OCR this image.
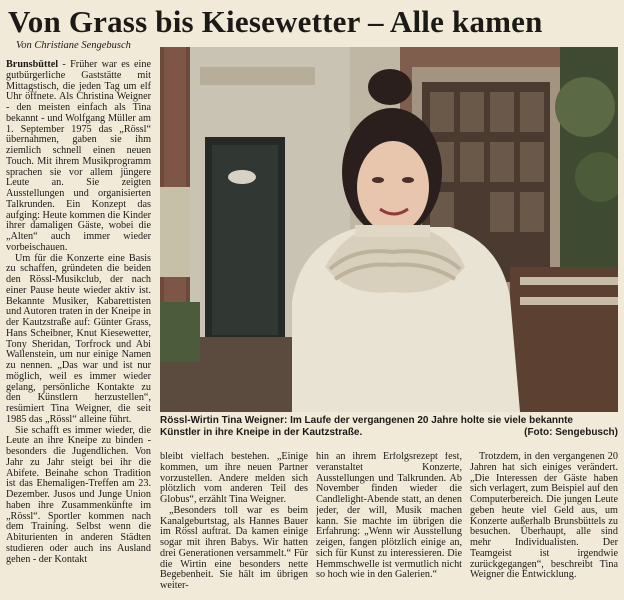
Von Grass bis Kiesewetter – Alle kamen
Von Christiane Sengebusch

Brunsbüttel - Früher war es eine gutbürgerliche Gaststätte mit Mittagstisch, die jeden Tag um elf Uhr öffnete. Als Christina Weigner - den meisten einfach als Tina bekannt - und Wolfgang Müller am 1. September 1975 das „Rössl“ übernahmen, gaben sie ihm ziemlich schnell einen neuen Touch. Mit ihrem Musikprogramm sprachen sie vor allem jüngere Leute an. Sie zeigten Ausstellungen und organisierten Talkrunden. Ein Konzept das aufging: Heute kommen die Kinder ihrer damaligen Gäste, wobei die „Alten“ auch immer wieder vorbeischauen.

Um für die Konzerte eine Basis zu schaffen, gründeten die beiden den Rössl-Musikclub, der nach einer Pause heute wieder aktiv ist. Bekannte Musiker, Kabarettisten und Autoren traten in der Kneipe in der Kautzstraße auf: Günter Grass, Hans Scheibner, Knut Kiesewetter, Tony Sheridan, Torfrock und Abi Wallenstein, um nur einige Namen zu nennen. „Das war und ist nur möglich, weil es immer wieder gelang, persönliche Kontakte zu den Künstlern herzustellen“, resümiert Tina Weigner, die seit 1985 das „Rössl“ alleine führt.

Sie schafft es immer wieder, die Leute an ihre Kneipe zu binden - besonders die Jugendlichen. Von Jahr zu Jahr steigt bei ihr die Abifete. Beinahe schon Tradition ist das Ehemaligen-Treffen am 23. Dezember. Jusos und Junge Union haben ihre Zusammenkünfte im „Rössl“. Sportler kommen nach dem Training. Selbst wenn die Abiturienten in anderen Städten studieren oder auch ins Ausland gehen - der Kontakt

Rössl-Wirtin Tina Weigner: Im Laufe der vergangenen 20 Jahre holte sie viele bekannte
Künstler in ihre Kneipe in der Kautzstraße.	(Foto: Sengebusch)

bleibt vielfach bestehen. „Einige kommen, um ihre neuen Partner vorzustellen. Andere melden sich plötzlich vom anderen Teil des Globus“, erzählt Tina Weigner.

„Besonders toll war es beim Kanalgeburtstag, als Hannes Bauer im Rössl auftrat. Da kamen einige sogar mit ihren Babys. Wir hatten drei Generationen versammelt.“ Für die Wirtin eine besonders nette Begebenheit. Sie hält im übrigen weiter-

hin an ihrem Erfolgsrezept fest, veranstaltet Konzerte, Ausstellungen und Talkrunden. Ab November finden wieder die Candlelight-Abende statt, an denen jeder, der will, Musik machen kann. Sie machte im übrigen die Erfahrung: „Wenn wir Ausstellung zeigen, fangen plötzlich einige an, sich für Kunst zu interessieren. Die Hemmschwelle ist vermutlich nicht so hoch wie in den Galerien.“

Trotzdem, in den vergangenen 20 Jahren hat sich einiges verändert. „Die Interessen der Gäste haben sich verlagert, zum Beispiel auf den Computerbereich. Die jungen Leute geben heute viel Geld aus, um Konzerte außerhalb Brunsbüttels zu besuchen. Überhaupt, alle sind mehr Individualisten. Der Teamgeist ist irgendwie zurückgegangen“, beschreibt Tina Weigner die Entwicklung.
